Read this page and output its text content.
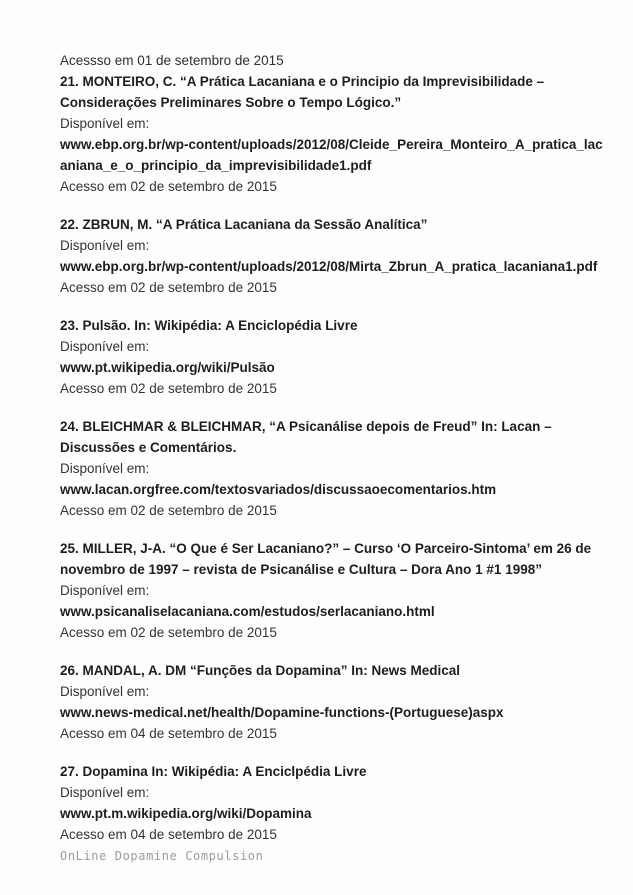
Acessso em 01 de setembro de 2015

21. MONTEIRO, C. “A Prática Lacaniana e o Principio da Imprevisibilidade – Considerações Preliminares Sobre o Tempo Lógico.”

Disponível em:

www.ebp.org.br/wp-content/uploads/2012/08/Cleide_Pereira_Monteiro_A_pratica_lacaniana_e_o_principio_da_imprevisibilidade1.pdf

Acesso em 02 de setembro de 2015

22. ZBRUN, M. “A Prática Lacaniana da Sessão Analítica”

Disponível em:

www.ebp.org.br/wp-content/uploads/2012/08/Mirta_Zbrun_A_pratica_lacaniana1.pdf

Acesso em 02 de setembro de 2015

23. Pulsão. In: Wikipédia: A Enciclopédia Livre

Disponível em:

www.pt.wikipedia.org/wiki/Pulsão

Acesso em 02 de setembro de 2015

24. BLEICHMAR & BLEICHMAR, “A Psicanálise depois de Freud” In: Lacan – Discussões e Comentários.

Disponível em:

www.lacan.orgfree.com/textosvariados/discussaoecomentarios.htm

Acesso em 02 de setembro de 2015

25. MILLER, J-A. “O Que é Ser Lacaniano?” – Curso ‘O Parceiro-Sintoma’ em 26 de novembro de 1997 – revista de Psicanálise e Cultura – Dora Ano 1 #1 1998”

Disponível em:

www.psicanaliselacaniana.com/estudos/serlacaniano.html

Acesso em 02 de setembro de 2015

26. MANDAL, A. DM “Funções da Dopamina” In: News Medical

Disponível em:

www.news-medical.net/health/Dopamine-functions-(Portuguese)aspx

Acesso em 04 de setembro de 2015

27. Dopamina In: Wikipédia: A Enciclpédia Livre

Disponível em:

www.pt.m.wikipedia.org/wiki/Dopamina

Acesso em 04 de setembro de 2015

OnLine Dopamine Compulsion
